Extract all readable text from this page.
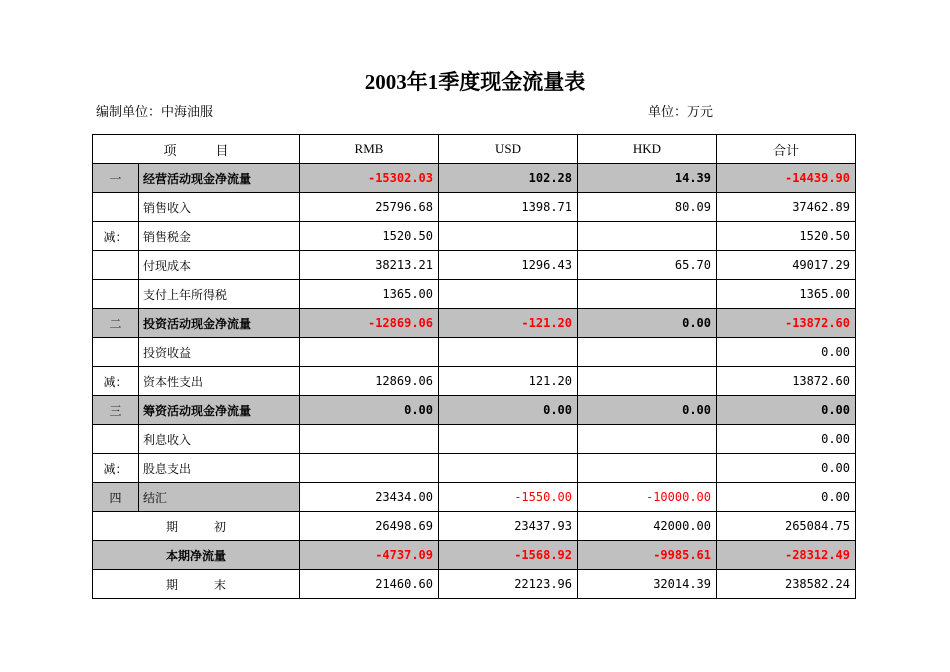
2003年1季度现金流量表
编制单位：中海油服	单位：万元
项　　　目		RMB	USD	HKD	合计
一	经营活动现金净流量	-15302.03	102.28	14.39	-14439.90
	销售收入	25796.68	1398.71	80.09	37462.89
减：	销售税金	1520.50			1520.50
	付现成本	38213.21	1296.43	65.70	49017.29
	支付上年所得税	1365.00			1365.00
二	投资活动现金净流量	-12869.06	-121.20	0.00	-13872.60
	投资收益				0.00
减：	资本性支出	12869.06	121.20		13872.60
三	筹资活动现金净流量	0.00	0.00	0.00	0.00
	利息收入				0.00
减：	股息支出				0.00
四	结汇	23434.00	-1550.00	-10000.00	0.00
期　　　初		26498.69	23437.93	42000.00	265084.75
本期净流量		-4737.09	-1568.92	-9985.61	-28312.49
期　　　末		21460.60	22123.96	32014.39	238582.24
